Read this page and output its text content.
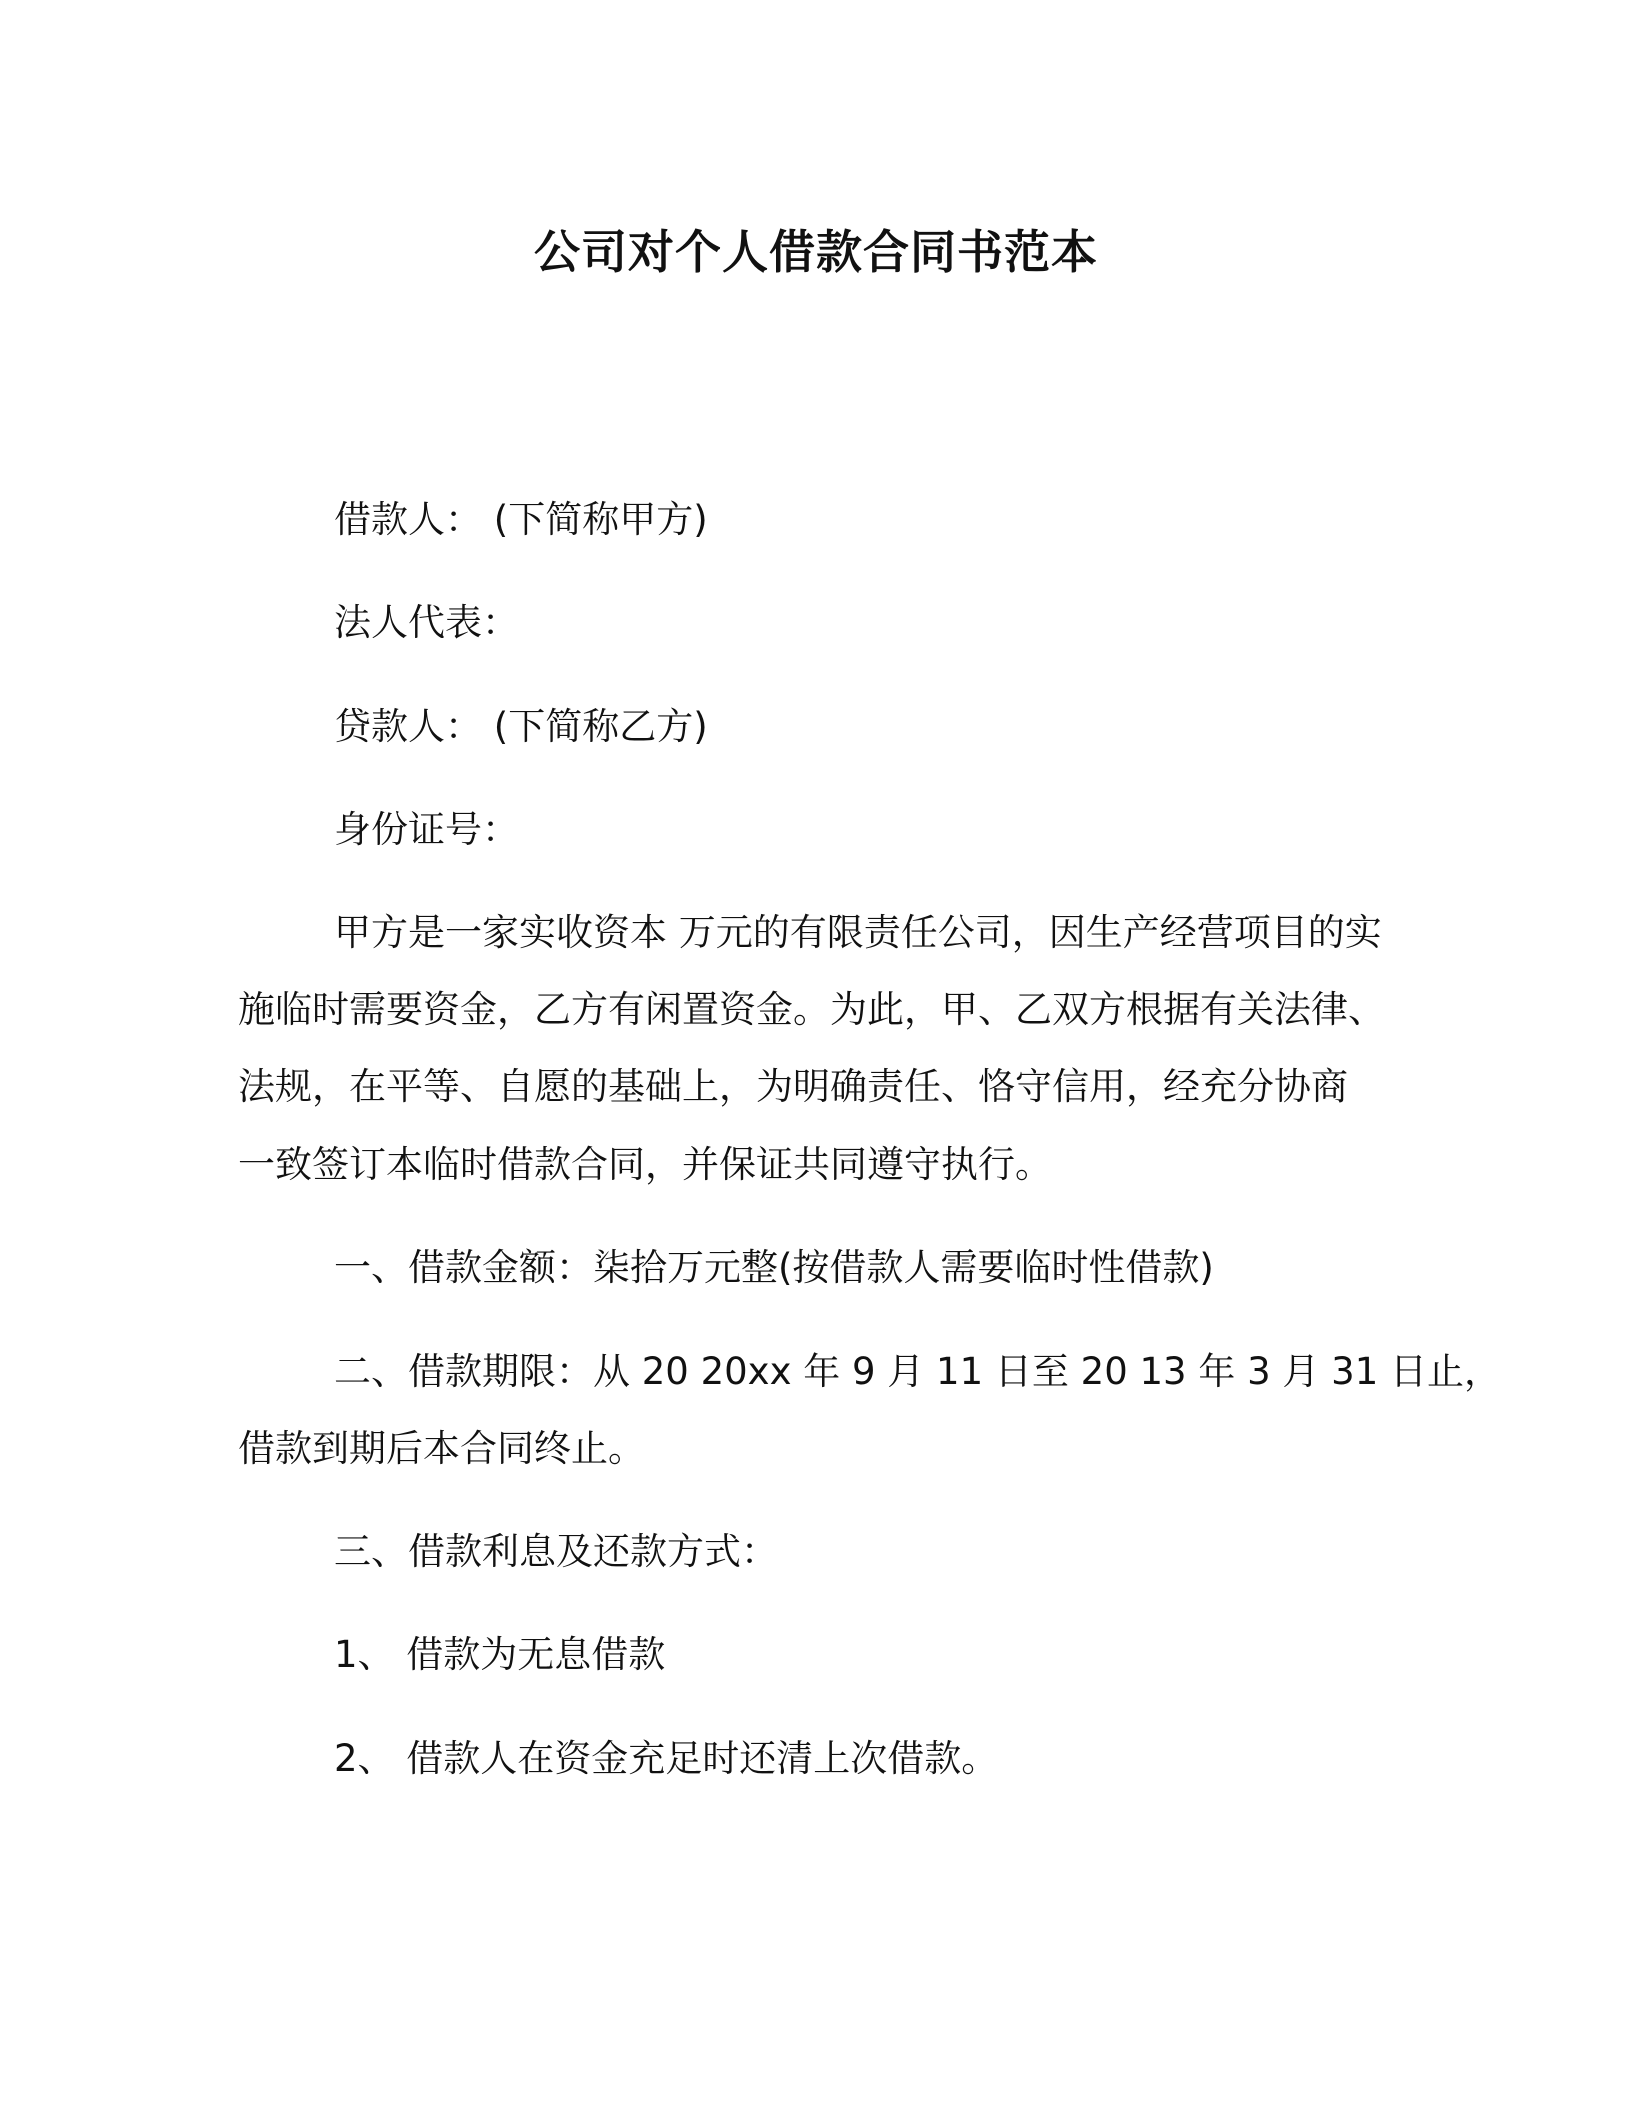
公司对个人借款合同书范本
借款人： (下简称甲方)
法人代表：
贷款人： (下简称乙方)
身份证号：
甲方是一家实收资本 万元的有限责任公司，因生产经营项目的实
施临时需要资金，乙方有闲置资金。为此，甲、乙双方根据有关法律、
法规，在平等、自愿的基础上，为明确责任、恪守信用，经充分协商
一致签订本临时借款合同，并保证共同遵守执行。
一、借款金额：柒拾万元整(按借款人需要临时性借款)
二、借款期限：从 20 20xx 年 9 月 11 日至 20 13 年 3 月 31 日止，
借款到期后本合同终止。
三、借款利息及还款方式：
1、 借款为无息借款
2、 借款人在资金充足时还清上次借款。
